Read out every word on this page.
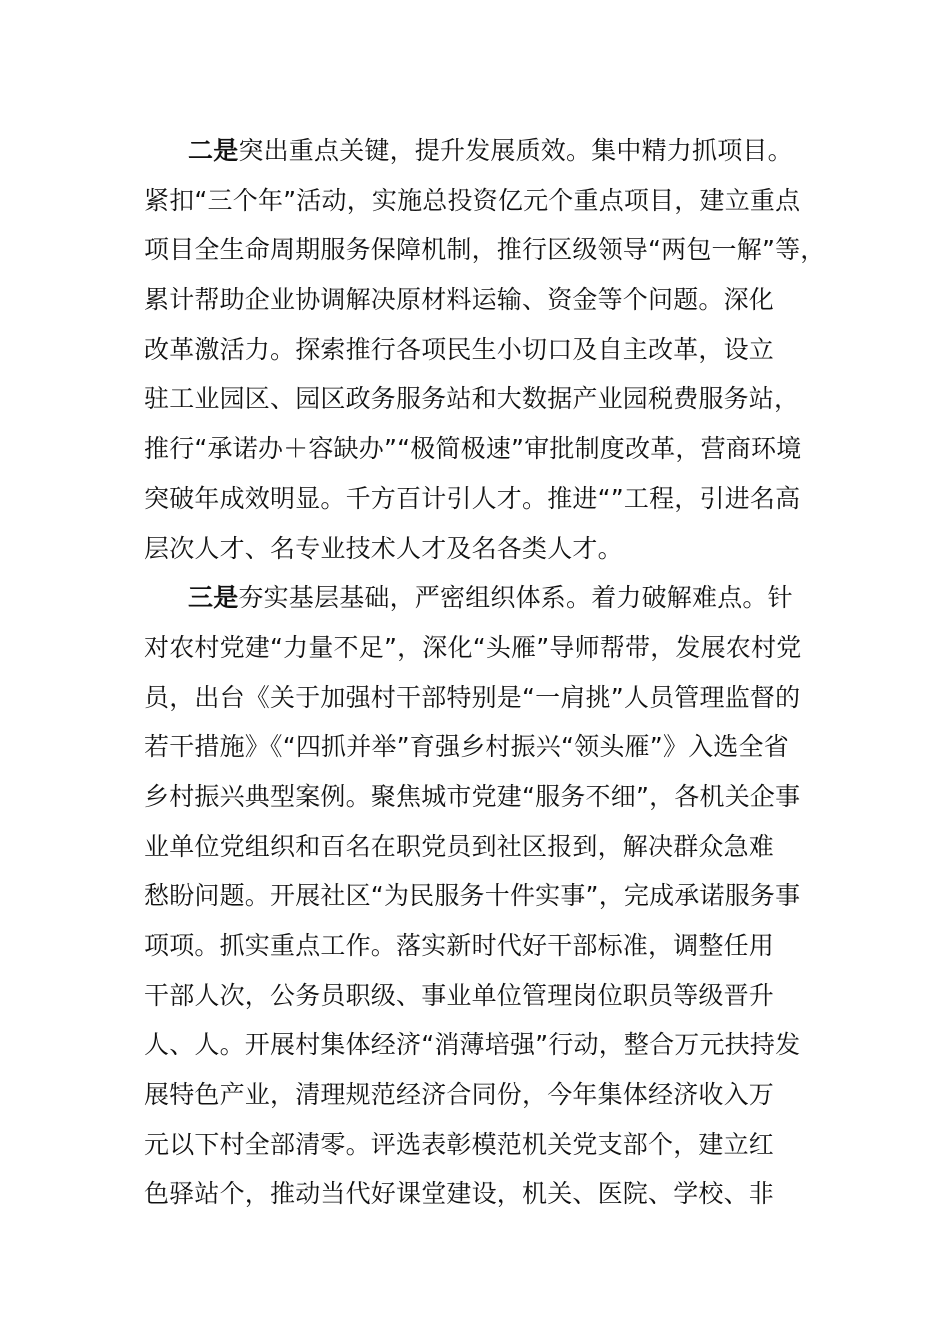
二是突出重点关键，提升发展质效。集中精力抓项目。
紧扣“三个年”活动，实施总投资亿元个重点项目，建立重点
项目全生命周期服务保障机制，推行区级领导“两包一解”等，
累计帮助企业协调解决原材料运输、资金等个问题。深化
改革激活力。探索推行各项民生小切口及自主改革，设立
驻工业园区、园区政务服务站和大数据产业园税费服务站，
推行“承诺办＋容缺办”“极简极速”审批制度改革，营商环境
突破年成效明显。千方百计引人才。推进“”工程，引进名高
层次人才、名专业技术人才及名各类人才。
三是夯实基层基础，严密组织体系。着力破解难点。针
对农村党建“力量不足”，深化“头雁”导师帮带，发展农村党
员，出台《关于加强村干部特别是“一肩挑”人员管理监督的
若干措施》《“四抓并举”育强乡村振兴“领头雁”》入选全省
乡村振兴典型案例。聚焦城市党建“服务不细”，各机关企事
业单位党组织和百名在职党员到社区报到，解决群众急难
愁盼问题。开展社区“为民服务十件实事”，完成承诺服务事
项项。抓实重点工作。落实新时代好干部标准，调整任用
干部人次，公务员职级、事业单位管理岗位职员等级晋升
人、人。开展村集体经济“消薄培强”行动，整合万元扶持发
展特色产业，清理规范经济合同份，今年集体经济收入万
元以下村全部清零。评选表彰模范机关党支部个，建立红
色驿站个，推动当代好课堂建设，机关、医院、学校、非
